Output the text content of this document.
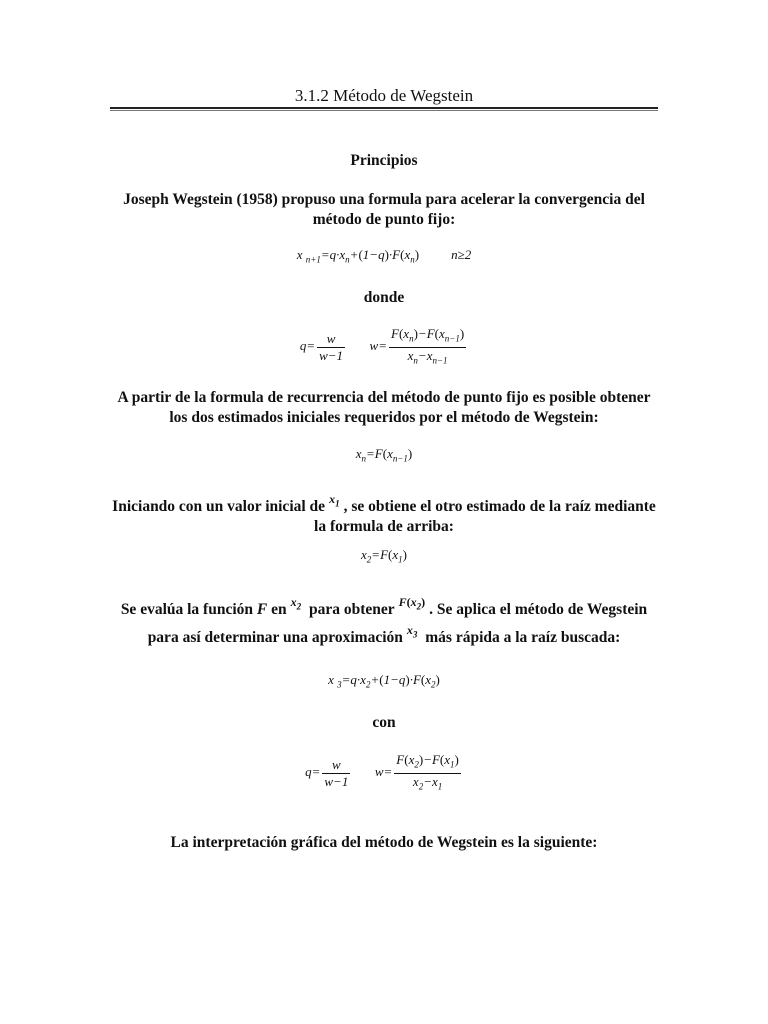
3.1.2 Método de Wegstein
Principios
Joseph Wegstein (1958) propuso una formula para acelerar la convergencia del método de punto fijo:
x $_{n+1}=q\cdot x_n+(1-q)\cdot F(x_n)$ n≥2
donde
$q= \frac{w}{w-1} w= \frac{F(x_n)-F(x_{n-1})}{x_n-x_{n-1}}$
A partir de la formula de recurrencia del método de punto fijo es posible obtener los dos estimados iniciales requeridos por el método de Wegstein:
$x_n=F(x_{n-1})$
Iniciando con un valor inicial de $^{x_1}$ , se obtiene el otro estimado de la raíz mediante la formula de arriba:
$x_2=F(x_1)$
Se evalúa la función F en $^{x_2}$ para obtener $^{F(x_2)}$ . Se aplica el método de Wegstein para así determinar una aproximación $^{x_3}$ más rápida a la raíz buscada:
x $_3=q\cdot x_2+(1-q)\cdot F(x_2)$
con
$q= \frac{w}{w-1} w= \frac{F(x_2)-F(x_1)}{x_2-x_1}$
La interpretación gráfica del método de Wegstein es la siguiente:
